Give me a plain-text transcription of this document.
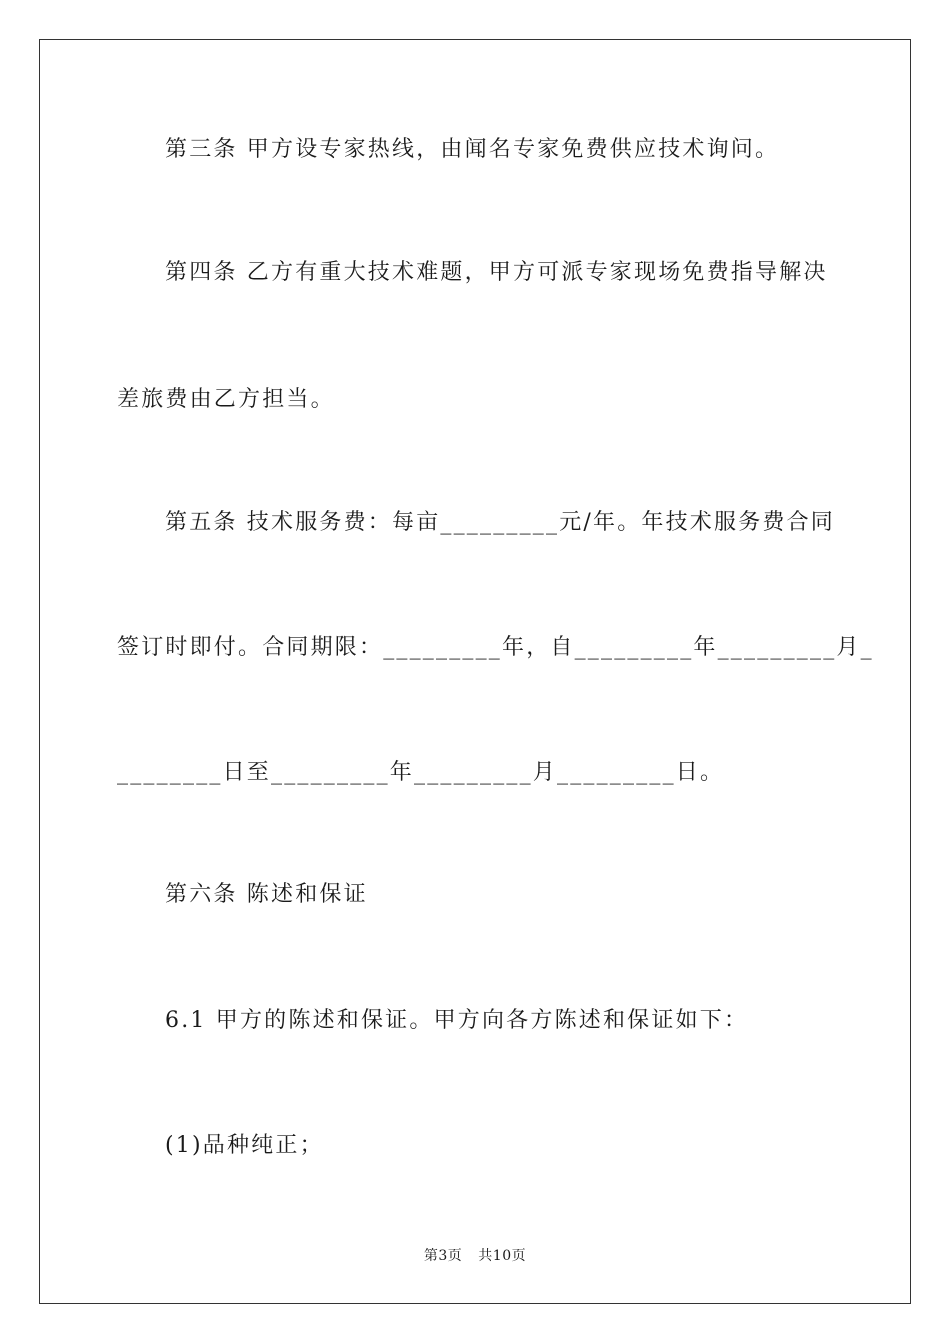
第三条 甲方设专家热线，由闻名专家免费供应技术询问。

第四条 乙方有重大技术难题，甲方可派专家现场免费指导解决

差旅费由乙方担当。

第五条 技术服务费：每亩_________元/年。年技术服务费合同

签订时即付。合同期限：_________年，自_________年_________月_

________日至_________年_________月_________日。

第六条 陈述和保证

6.1 甲方的陈述和保证。甲方向各方陈述和保证如下：

(1)品种纯正；

第3页 共10页
